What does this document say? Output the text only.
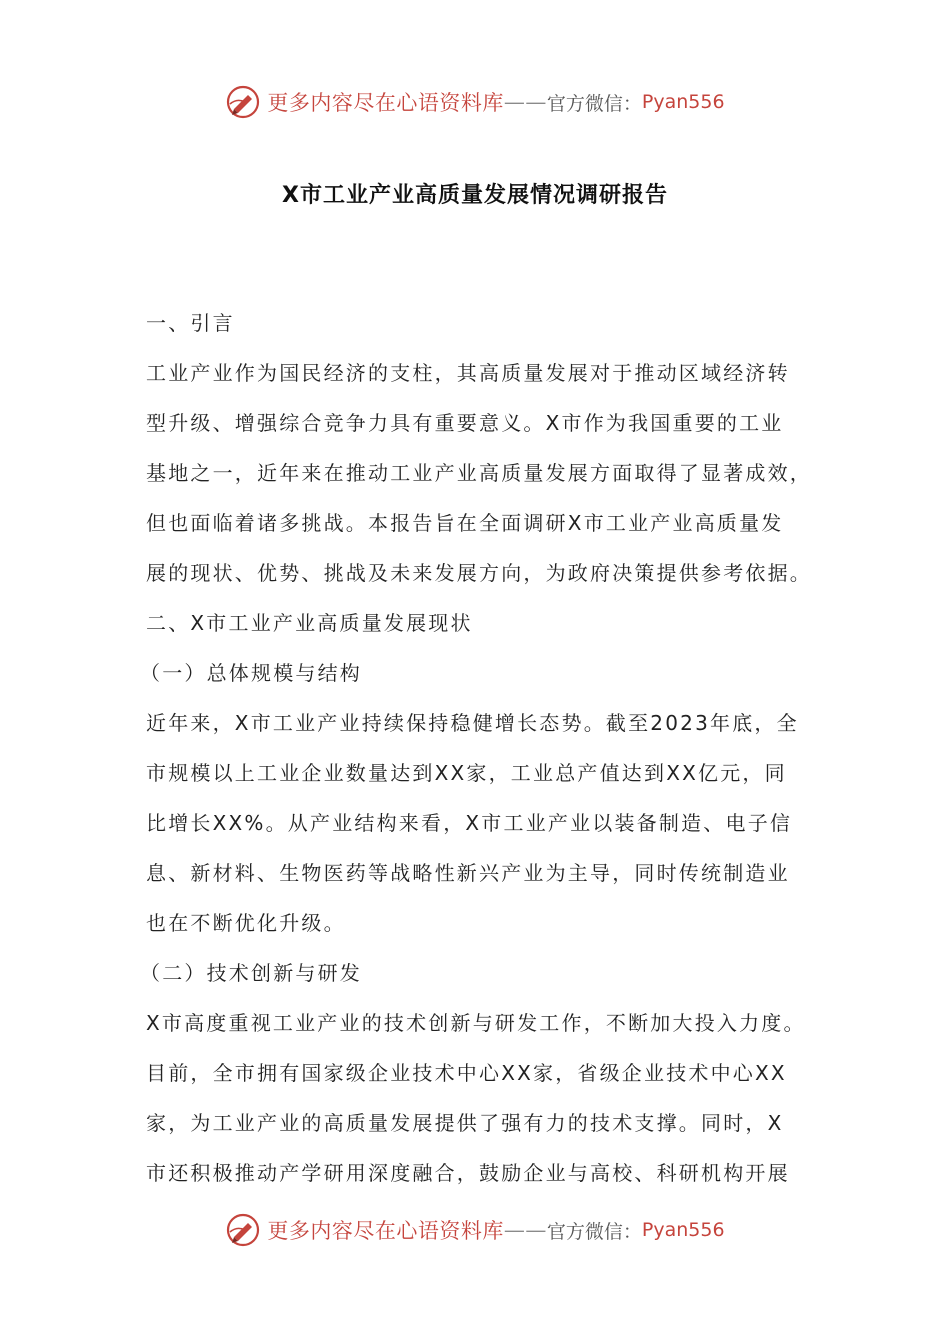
更多内容尽在心语资料库 —— 官方微信： Pyan556
X市工业产业高质量发展情况调研报告
一、引言
工业产业作为国民经济的支柱，其高质量发展对于推动区域经济转
型升级、增强综合竞争力具有重要意义。X市作为我国重要的工业
基地之一，近年来在推动工业产业高质量发展方面取得了显著成效，
但也面临着诸多挑战。本报告旨在全面调研X市工业产业高质量发
展的现状、优势、挑战及未来发展方向，为政府决策提供参考依据。
二、X市工业产业高质量发展现状
（一）总体规模与结构
近年来，X市工业产业持续保持稳健增长态势。截至2023年底，全
市规模以上工业企业数量达到XX家，工业总产值达到XX亿元，同
比增长XX%。从产业结构来看，X市工业产业以装备制造、电子信
息、新材料、生物医药等战略性新兴产业为主导，同时传统制造业
也在不断优化升级。
（二）技术创新与研发
X市高度重视工业产业的技术创新与研发工作，不断加大投入力度。
目前，全市拥有国家级企业技术中心XX家，省级企业技术中心XX
家，为工业产业的高质量发展提供了强有力的技术支撑。同时，X
市还积极推动产学研用深度融合，鼓励企业与高校、科研机构开展
更多内容尽在心语资料库 —— 官方微信： Pyan556
